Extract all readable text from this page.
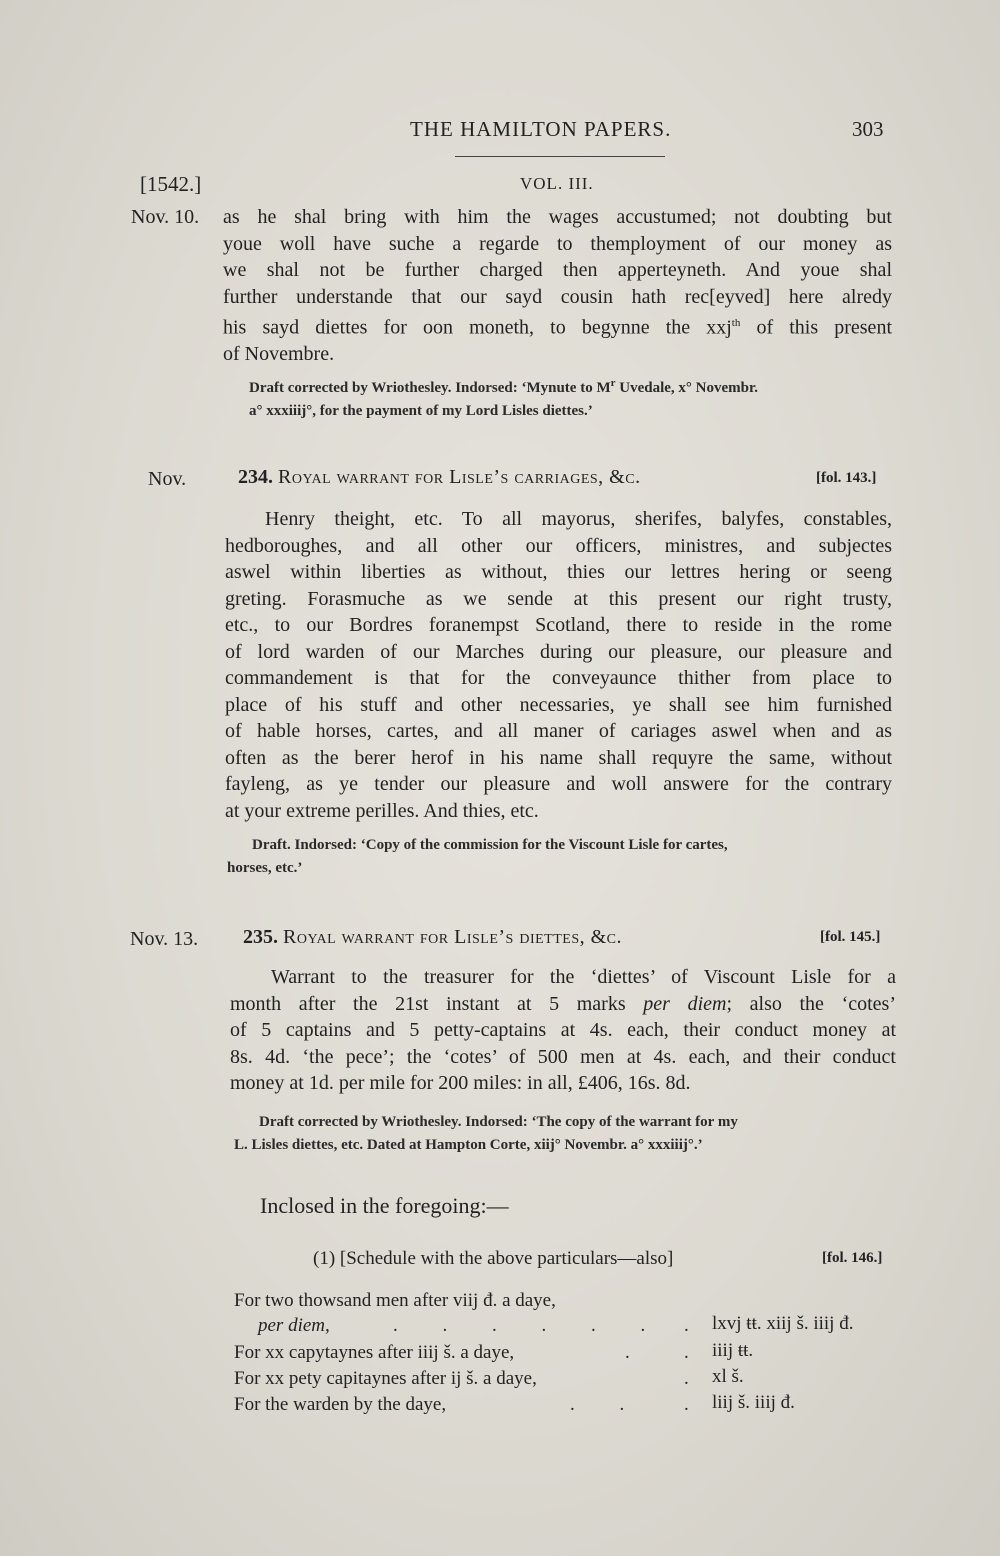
THE HAMILTON PAPERS.	303
[1542.]	VOL. III.
Nov. 10. as he shal bring with him the wages accustumed; not doubting but
youe woll have suche a regarde to themployment of our money as
we shal not be further charged then apperteyneth. And youe shal
further understande that our sayd cousin hath rec[eyved] here alredy
his sayd diettes for oon moneth, to begynne the xxj$^{th}$ of this present
of Novembre.
Draft corrected by Wriothesley. Indorsed: ‘Mynute to $M^r$ Uvedale, x° Novembr.
a° xxxiiij°, for the payment of my Lord Lisles diettes.’
Nov.	234. Royal warrant for Lisle’s carriages, &c.	[fol. 143.]
Henry theight, etc. To all mayorus, sherifes, balyfes, constables,
hedboroughes, and all other our officers, ministres, and subjectes
aswel within liberties as without, thies our lettres hering or seeng
greting. Forasmuche as we sende at this present our right trusty,
etc., to our Bordres foranempst Scotland, there to reside in the rome
of lord warden of our Marches during our pleasure, our pleasure and
commandement is that for the conveyaunce thither from place to
place of his stuff and other necessaries, ye shall see him furnished
of hable horses, cartes, and all maner of cariages aswel when and as
often as the berer herof in his name shall requyre the same, without
fayleng, as ye tender our pleasure and woll answere for the contrary
at your extreme perilles. And thies, etc.
Draft. Indorsed: ‘Copy of the commission for the Viscount Lisle for cartes,
horses, etc.’
Nov. 13. 235. Royal warrant for Lisle’s diettes, &c.	[fol. 145.]
Warrant to the treasurer for the ‘diettes’ of Viscount Lisle for a
month after the 21st instant at 5 marks per diem; also the ‘cotes’
of 5 captains and 5 petty-captains at 4s. each, their conduct money at
8s. 4d. ‘the pece’; the ‘cotes’ of 500 men at 4s. each, and their conduct
money at 1d. per mile for 200 miles: in all, £406, 16s. 8d.
Draft corrected by Wriothesley. Indorsed: ‘The copy of the warrant for my
L. Lisles diettes, etc. Dated at Hampton Corte, xiij° Novembr. a° xxxiiij°.’
Inclosed in the foregoing:—
(1) [Schedule with the above particulars—also]	[fol. 146.]
For two thowsand men after viij đ. a daye,
per diem,	. . . . . . . lxvj ŧŧ. xiij š. iiij đ.
For xx capytaynes after iiij š. a daye,	.	. iiij ŧŧ.
For xx pety capitaynes after ij š. a daye,	. xl š.
For the warden by the daye,	. . . liij š. iiij đ.
